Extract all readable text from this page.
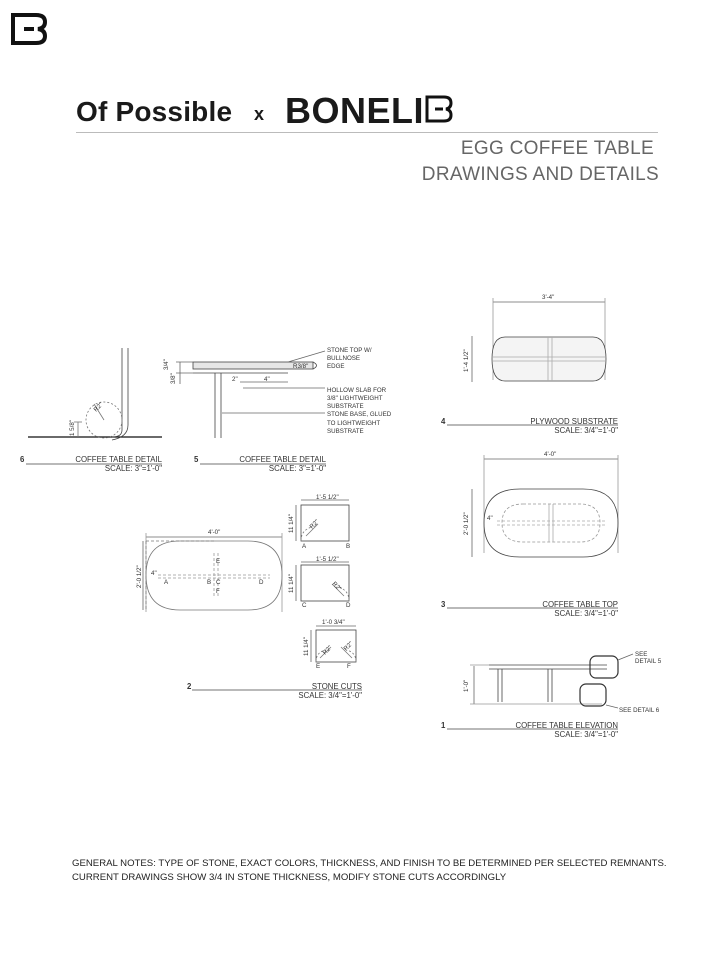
Of Possible x BONELI
EGG COFFEE TABLE
DRAWINGS AND DETAILS
1 5/8"
R2"
3/4"
3/8"	2"	4"
R3/8"
STONE TOP W/
BULLNOSE
EDGE
HOLLOW SLAB FOR
3/8" LIGHTWEIGHT
SUBSTRATE
STONE BASE, GLUED
TO LIGHTWEIGHT
SUBSTRATE
3'-4"
1'-4 1/2"
4'-0"
2'-0 1/2"	4"
4'-0"
2'-0 1/2" 4"
A	B C	D
E
F
1'-5 1/2"
11 1/4" R2"
A	B
1'-5 1/2"
11 1/4"	R2"
C	D
1'-0 3/4"
11 1/4" R2" R2"
E	F
1'-0"
SEE
DETAIL 5
SEE DETAIL 6
6	COFFEE TABLE DETAIL
SCALE: 3"=1'-0"
5	COFFEE TABLE DETAIL
SCALE: 3"=1'-0"
4	PLYWOOD SUBSTRATE
SCALE: 3/4"=1'-0"
3	COFFEE TABLE TOP
SCALE: 3/4"=1'-0"
2	STONE CUTS
SCALE: 3/4"=1'-0"
1	COFFEE TABLE ELEVATION
SCALE: 3/4"=1'-0"
GENERAL NOTES: TYPE OF STONE, EXACT COLORS, THICKNESS, AND FINISH TO BE DETERMINED PER SELECTED REMNANTS.
CURRENT DRAWINGS SHOW 3/4 IN STONE THICKNESS, MODIFY STONE CUTS ACCORDINGLY
